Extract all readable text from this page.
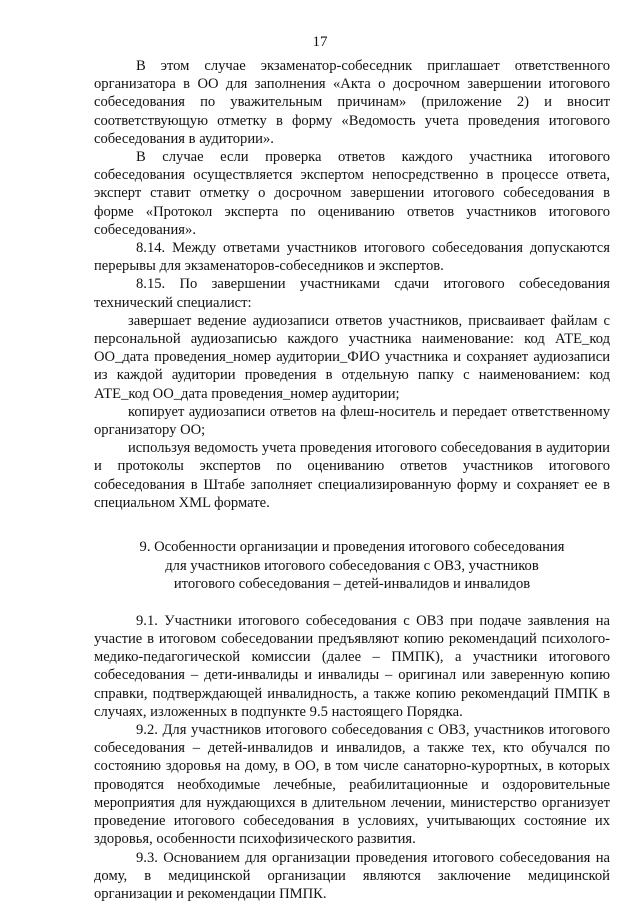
17

В этом случае экзаменатор-собеседник приглашает ответственного организатора в ОО для заполнения «Акта о досрочном завершении итогового собеседования по уважительным причинам» (приложение 2) и вносит соответствующую отметку в форму «Ведомость учета проведения итогового собеседования в аудитории».

В случае если проверка ответов каждого участника итогового собеседования осуществляется экспертом непосредственно в процессе ответа, эксперт ставит отметку о досрочном завершении итогового собеседования в форме «Протокол эксперта по оцениванию ответов участников итогового собеседования».

8.14. Между ответами участников итогового собеседования допускаются перерывы для экзаменаторов-собеседников и экспертов.

8.15. По завершении участниками сдачи итогового собеседования технический специалист:

завершает ведение аудиозаписи ответов участников, присваивает файлам с персональной аудиозаписью каждого участника наименование: код АТЕ_код ОО_дата проведения_номер аудитории_ФИО участника и сохраняет аудиозаписи из каждой аудитории проведения в отдельную папку с наименованием: код АТЕ_код ОО_дата проведения_номер аудитории;

копирует аудиозаписи ответов на флеш-носитель и передает ответственному организатору ОО;

используя ведомость учета проведения итогового собеседования в аудитории и протоколы экспертов по оцениванию ответов участников итогового собеседования в Штабе заполняет специализированную форму и сохраняет ее в специальном XML формате.

9. Особенности организации и проведения итогового собеседования
для участников итогового собеседования с ОВЗ, участников
итогового собеседования – детей-инвалидов и инвалидов

9.1. Участники итогового собеседования с ОВЗ при подаче заявления на участие в итоговом собеседовании предъявляют копию рекомендаций психолого-медико-педагогической комиссии (далее – ПМПК), а участники итогового собеседования – дети-инвалиды и инвалиды – оригинал или заверенную копию справки, подтверждающей инвалидность, а также копию рекомендаций ПМПК в случаях, изложенных в подпункте 9.5 настоящего Порядка.

9.2. Для участников итогового собеседования с ОВЗ, участников итогового собеседования – детей-инвалидов и инвалидов, а также тех, кто обучался по состоянию здоровья на дому, в ОО, в том числе санаторно-курортных, в которых проводятся необходимые лечебные, реабилитационные и оздоровительные мероприятия для нуждающихся в длительном лечении, министерство организует проведение итогового собеседования в условиях, учитывающих состояние их здоровья, особенности психофизического развития.

9.3. Основанием для организации проведения итогового собеседования на дому, в медицинской организации являются заключение медицинской организации и рекомендации ПМПК.
